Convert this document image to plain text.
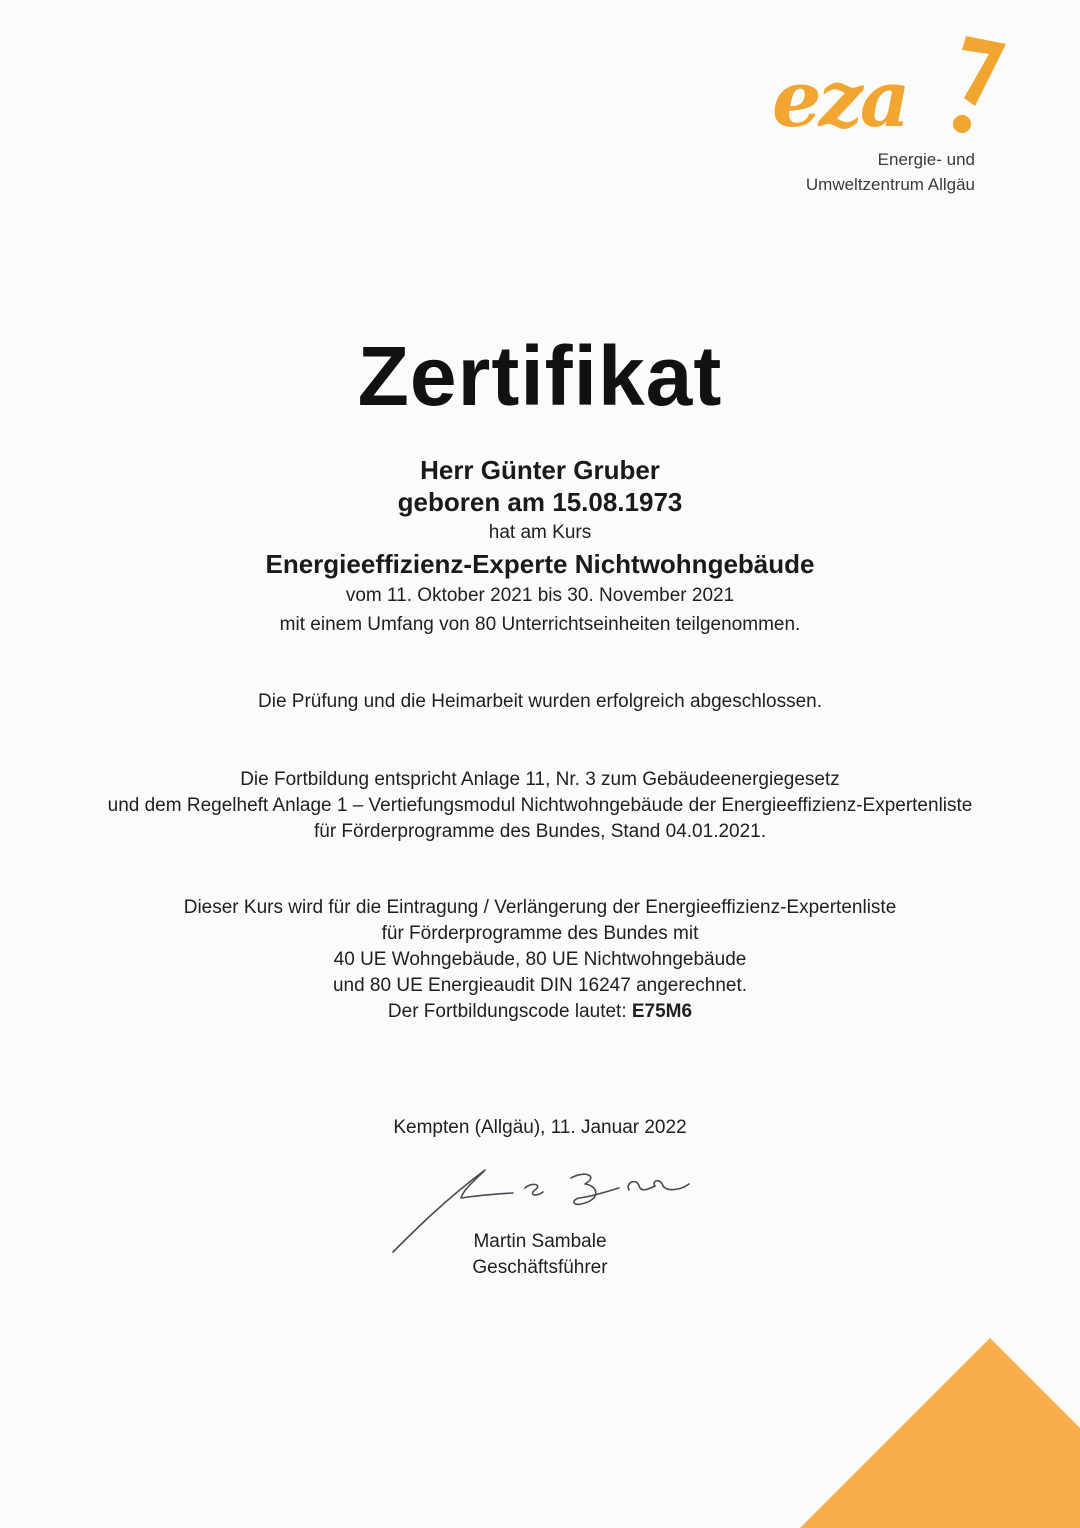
eza
Energie- und
Umweltzentrum Allgäu
Zertifikat
Herr Günter Gruber
geboren am 15.08.1973
hat am Kurs
Energieeffizienz-Experte Nichtwohngebäude
vom 11. Oktober 2021 bis 30. November 2021
mit einem Umfang von 80 Unterrichtseinheiten teilgenommen.
Die Prüfung und die Heimarbeit wurden erfolgreich abgeschlossen.
Die Fortbildung entspricht Anlage 11, Nr. 3 zum Gebäudeenergiegesetz
und dem Regelheft Anlage 1 – Vertiefungsmodul Nichtwohngebäude der Energieeffizienz-Expertenliste
für Förderprogramme des Bundes, Stand 04.01.2021.
Dieser Kurs wird für die Eintragung / Verlängerung der Energieeffizienz-Expertenliste
für Förderprogramme des Bundes mit
40 UE Wohngebäude, 80 UE Nichtwohngebäude
und 80 UE Energieaudit DIN 16247 angerechnet.
Der Fortbildungscode lautet: E75M6
Kempten (Allgäu), 11. Januar 2022
Martin Sambale
Geschäftsführer
